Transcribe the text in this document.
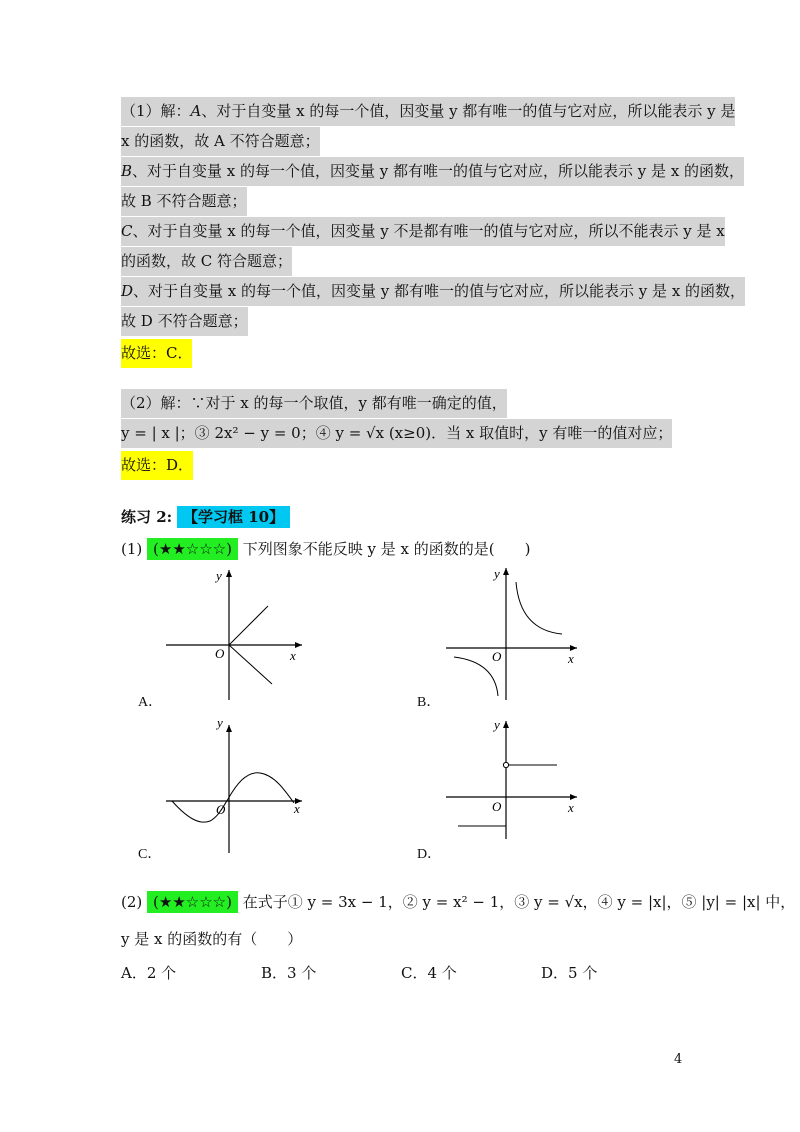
（1）解：A、对于自变量 x 的每一个值，因变量 y 都有唯一的值与它对应，所以能表示 y 是
x 的函数，故 A 不符合题意；
B、对于自变量 x 的每一个值，因变量 y 都有唯一的值与它对应，所以能表示 y 是 x 的函数，
故 B 不符合题意；
C、对于自变量 x 的每一个值，因变量 y 不是都有唯一的值与它对应，所以不能表示 y 是 x
的函数，故 C 符合题意；
D、对于自变量 x 的每一个值，因变量 y 都有唯一的值与它对应，所以能表示 y 是 x 的函数，
故 D 不符合题意；
故选：C．
（2）解：∵对于 x 的每一个取值，y 都有唯一确定的值，
y = | x |；③ 2x² − y = 0；④ y = √x (x≥0)．当 x 取值时，y 有唯一的值对应；
故选：D．
练习 2: 【学习框 10】
(1) (★★☆☆☆) 下列图象不能反映 y 是 x 的函数的是(　　)
y
x
O
A．
y
x
O
B．
y
x
O
C．
y
x
O
D．
(2) (★★☆☆☆) 在式子① y = 3x − 1，② y = x² − 1，③ y = √x，④ y = |x|，⑤ |y| = |x| 中，
y 是 x 的函数的有（　　）
A．2 个	B．3 个	C．4 个	D．5 个
4
